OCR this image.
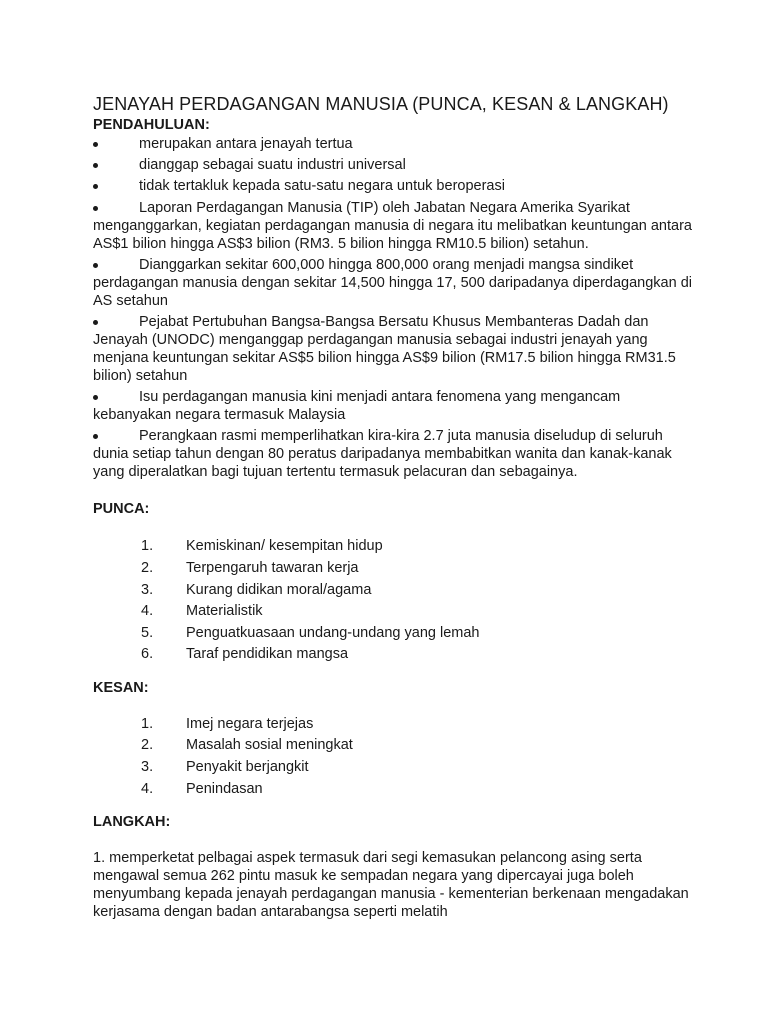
JENAYAH PERDAGANGAN MANUSIA (PUNCA, KESAN & LANGKAH)
PENDAHULUAN:
merupakan antara jenayah tertua
dianggap sebagai suatu industri universal
tidak tertakluk kepada satu-satu negara untuk beroperasi
Laporan Perdagangan Manusia (TIP) oleh Jabatan Negara Amerika Syarikat menganggarkan, kegiatan perdagangan manusia di negara itu melibatkan keuntungan antara AS$1 bilion hingga AS$3 bilion (RM3. 5 bilion hingga RM10.5 bilion) setahun.
Dianggarkan sekitar 600,000 hingga 800,000 orang menjadi mangsa sindiket perdagangan manusia dengan sekitar 14,500 hingga 17, 500 daripadanya diperdagangkan di AS setahun
Pejabat Pertubuhan Bangsa-Bangsa Bersatu Khusus Membanteras Dadah dan Jenayah (UNODC) menganggap perdagangan manusia sebagai industri jenayah yang menjana keuntungan sekitar AS$5 bilion hingga AS$9 bilion (RM17.5 bilion hingga RM31.5 bilion) setahun
Isu perdagangan manusia kini menjadi antara fenomena yang mengancam kebanyakan negara termasuk Malaysia
Perangkaan rasmi memperlihatkan kira-kira 2.7 juta manusia diseludup di seluruh dunia setiap tahun dengan 80 peratus daripadanya membabitkan wanita dan kanak-kanak yang diperalatkan bagi tujuan tertentu termasuk pelacuran dan sebagainya.
PUNCA:
1. Kemiskinan/ kesempitan hidup
2. Terpengaruh tawaran kerja
3. Kurang didikan moral/agama
4. Materialistik
5. Penguatkuasaan undang-undang yang lemah
6. Taraf pendidikan mangsa
KESAN:
1. Imej negara terjejas
2. Masalah sosial meningkat
3. Penyakit berjangkit
4. Penindasan
LANGKAH:

1. memperketat pelbagai aspek termasuk dari segi kemasukan pelancong asing serta mengawal semua 262 pintu masuk ke sempadan negara yang dipercayai juga boleh menyumbang kepada jenayah perdagangan manusia - kementerian berkenaan mengadakan kerjasama dengan badan antarabangsa seperti melatih
